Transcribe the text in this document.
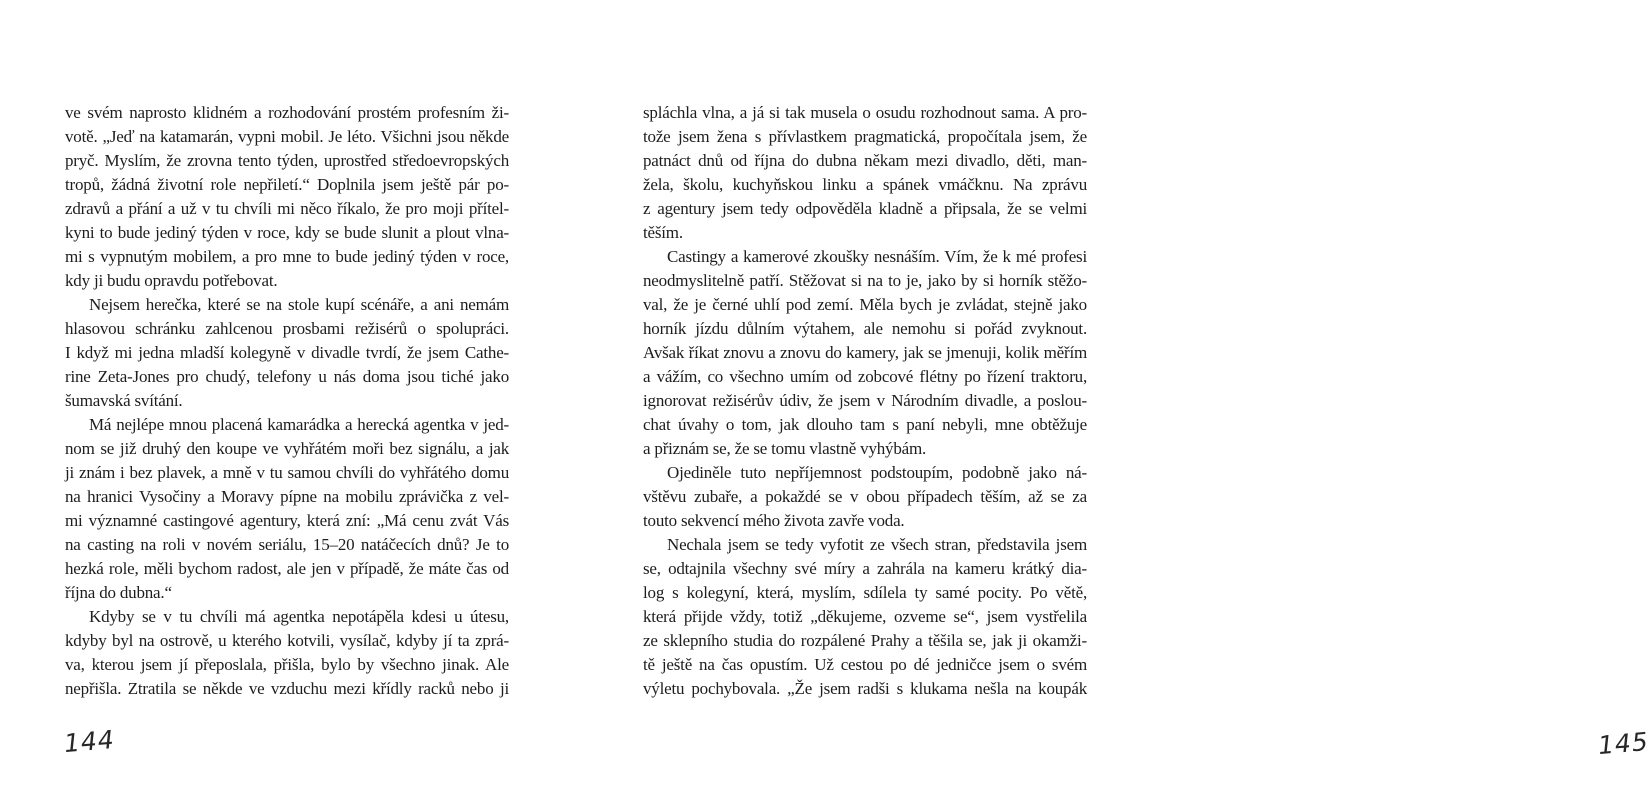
ve svém naprosto klidném a rozhodování prostém profesním ži-
votě. „Jeď na katamarán, vypni mobil. Je léto. Všichni jsou někde
pryč. Myslím, že zrovna tento týden, uprostřed středoevropských
tropů, žádná životní role nepřiletí.“ Doplnila jsem ještě pár po-
zdravů a přání a už v tu chvíli mi něco říkalo, že pro moji přítel-
kyni to bude jediný týden v roce, kdy se bude slunit a plout vlna-
mi s vypnutým mobilem, a pro mne to bude jediný týden v roce,
kdy ji budu opravdu potřebovat.
Nejsem herečka, které se na stole kupí scénáře, a ani nemám
hlasovou schránku zahlcenou prosbami režisérů o spolupráci.
I když mi jedna mladší kolegyně v divadle tvrdí, že jsem Cathe-
rine Zeta-Jones pro chudý, telefony u nás doma jsou tiché jako
šumavská svítání.
Má nejlépe mnou placená kamarádka a herecká agentka v jed-
nom se již druhý den koupe ve vyhřátém moři bez signálu, a jak
ji znám i bez plavek, a mně v tu samou chvíli do vyhřátého domu
na hranici Vysočiny a Moravy pípne na mobilu zprávička z vel-
mi významné castingové agentury, která zní: „Má cenu zvát Vás
na casting na roli v novém seriálu, 15–20 natáčecích dnů? Je to
hezká role, měli bychom radost, ale jen v případě, že máte čas od
října do dubna.“
Kdyby se v tu chvíli má agentka nepotápěla kdesi u útesu,
kdyby byl na ostrově, u kterého kotvili, vysílač, kdyby jí ta zprá-
va, kterou jsem jí přeposlala, přišla, bylo by všechno jinak. Ale
nepřišla. Ztratila se někde ve vzduchu mezi křídly racků nebo ji
144
spláchla vlna, a já si tak musela o osudu rozhodnout sama. A pro-
tože jsem žena s přívlastkem pragmatická, propočítala jsem, že
patnáct dnů od října do dubna někam mezi divadlo, děti, man-
žela, školu, kuchyňskou linku a spánek vmáčknu. Na zprávu
z agentury jsem tedy odpověděla kladně a připsala, že se velmi
těším.
Castingy a kamerové zkoušky nesnáším. Vím, že k mé profesi
neodmyslitelně patří. Stěžovat si na to je, jako by si horník stěžo-
val, že je černé uhlí pod zemí. Měla bych je zvládat, stejně jako
horník jízdu důlním výtahem, ale nemohu si pořád zvyknout.
Avšak říkat znovu a znovu do kamery, jak se jmenuji, kolik měřím
a vážím, co všechno umím od zobcové flétny po řízení traktoru,
ignorovat režisérův údiv, že jsem v Národním divadle, a poslou-
chat úvahy o tom, jak dlouho tam s paní nebyli, mne obtěžuje
a přiznám se, že se tomu vlastně vyhýbám.
Ojediněle tuto nepříjemnost podstoupím, podobně jako ná-
vštěvu zubaře, a pokaždé se v obou případech těším, až se za
touto sekvencí mého života zavře voda.
Nechala jsem se tedy vyfotit ze všech stran, představila jsem
se, odtajnila všechny své míry a zahrála na kameru krátký dia-
log s kolegyní, která, myslím, sdílela ty samé pocity. Po větě,
která přijde vždy, totiž „děkujeme, ozveme se“, jsem vystřelila
ze sklepního studia do rozpálené Prahy a těšila se, jak ji okamži-
tě ještě na čas opustím. Už cestou po dé jedničce jsem o svém
výletu pochybovala. „Že jsem radši s klukama nešla na koupák
145
